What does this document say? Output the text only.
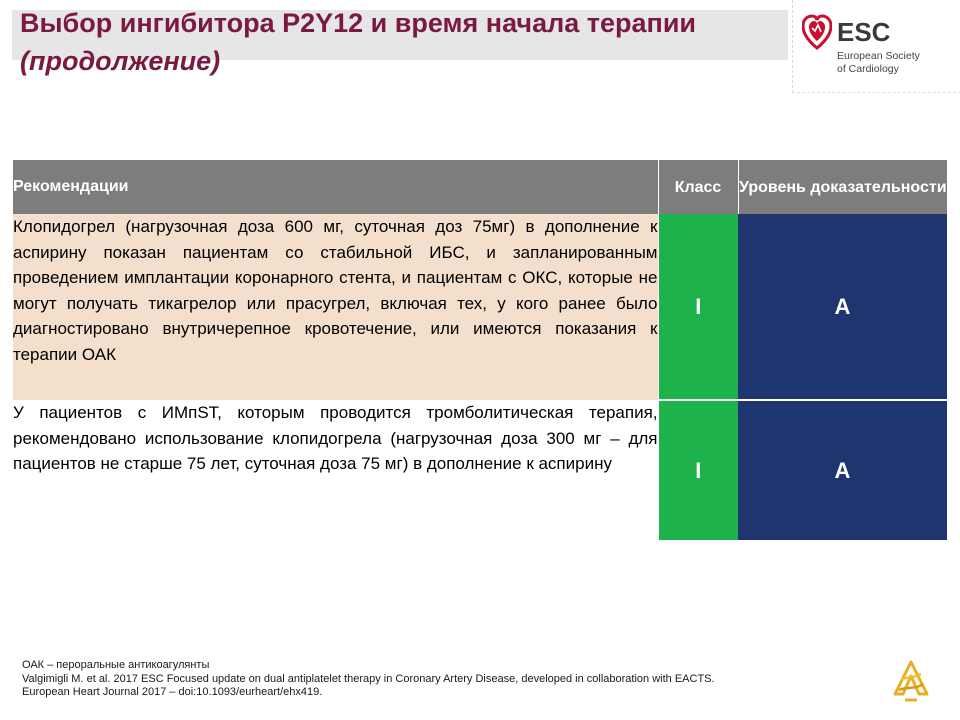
Выбор ингибитора P2Y12 и время начала терапии (продолжение)
ESC
European Society
of Cardiology
Рекомендации	Класс	Уровень доказательности
Клопидогрел (нагрузочная доза 600 мг, суточная доз 75мг) в дополнение к аспирину показан пациентам со стабильной ИБС, и запланированным проведением имплантации коронарного стента, и пациентам с ОКС, которые не могут получать тикагрелор или прасугрел, включая тех, у кого ранее было диагностировано внутричерепное кровотечение, или имеются показания к терапии ОАК	I	A
У пациентов с ИМпST, которым проводится тромболитическая терапия, рекомендовано использование клопидогрела (нагрузочная доза 300 мг – для пациентов не старше 75 лет, суточная доза 75 мг) в дополнение к аспирину	I	A
ОАК – пероральные антикоагулянты
Valgimigli M. et al. 2017 ESC Focused update on dual antiplatelet therapy in Coronary Artery Disease, developed in collaboration with EACTS.
European Heart Journal 2017 – doi:10.1093/eurheart/ehx419.
